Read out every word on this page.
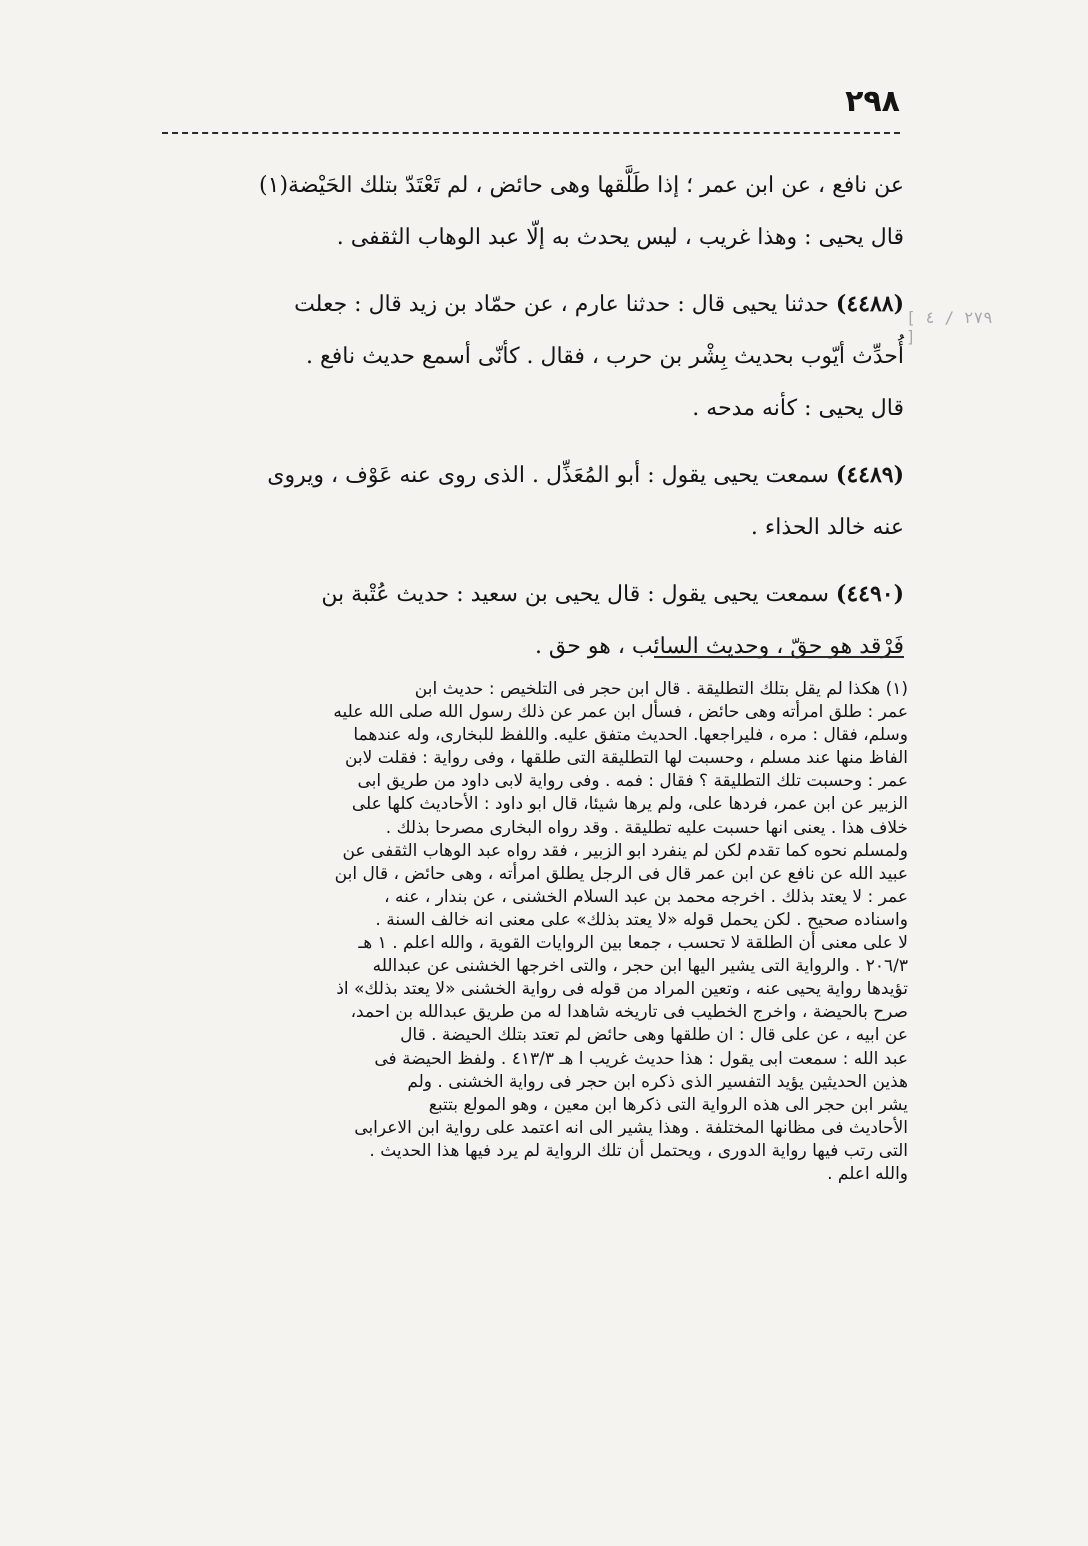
٢٩٨
[ ٢٧٩ / ٤ ]

عن نافع ، عن ابن عمر ؛ إذا طَلَّقها وهى حائض ، لم تَعْتَدّ بتلك الحَيْضة(١)
قال يحيى : وهذا غريب ، ليس يحدث به إلّا عبد الوهاب الثقفى .

(٤٤٨٨) حدثنا يحيى قال : حدثنا عارم ، عن حمّاد بن زيد قال : جعلت
أُحدِّث أيّوب بحديث بِشْر بن حرب ، فقال . كأنّى أسمع حديث نافع .
قال يحيى : كأنه مدحه .

(٤٤٨٩) سمعت يحيى يقول : أبو المُعَذِّل . الذى روى عنه عَوْف ، ويروى
عنه خالد الحذاء .

(٤٤٩٠) سمعت يحيى يقول : قال يحيى بن سعيد : حديث عُتْبة بن
فَرْقد هو حقّ ، وحديث السائب ، هو حق .

(١) هكذا لم يقل بتلك التطليقة . قال ابن حجر فى التلخيص : حديث ابن
عمر : طلق امرأته وهى حائض ، فسأل ابن عمر عن ذلك رسول الله صلى الله عليه
وسلم، فقال : مره ، فليراجعها. الحديث متفق عليه. واللفظ للبخارى، وله عندهما
الفاظ منها عند مسلم ، وحسبت لها التطليقة التى طلقها ، وفى رواية : فقلت لابن
عمر : وحسبت تلك التطليقة ؟ فقال : فمه . وفى رواية لابى داود من طريق ابى
الزبير عن ابن عمر، فردها على، ولم يرها شيئا، قال ابو داود : الأحاديث كلها على
خلاف هذا . يعنى انها حسبت عليه تطليقة . وقد رواه البخارى مصرحا بذلك .
ولمسلم نحوه كما تقدم لكن لم ينفرد ابو الزبير ، فقد رواه عبد الوهاب الثقفى عن
عبيد الله عن نافع عن ابن عمر قال فى الرجل يطلق امرأته ، وهى حائض ، قال ابن
عمر : لا يعتد بذلك . اخرجه محمد بن عبد السلام الخشنى ، عن بندار ، عنه ،
واسناده صحيح . لكن يحمل قوله «لا يعتد بذلك» على معنى انه خالف السنة .
لا على معنى أن الطلقة لا تحسب ، جمعا بين الروايات القوية ، والله اعلم . ١ هـ
٢٠٦/٣ . والرواية التى يشير اليها ابن حجر ، والتى اخرجها الخشنى عن عبدالله
تؤيدها رواية يحيى عنه ، وتعين المراد من قوله فى رواية الخشنى «لا يعتد بذلك» اذ
صرح بالحيضة ، واخرج الخطيب فى تاريخه شاهدا له من طريق عبدالله بن احمد،
عن ابيه ، عن على قال : ان طلقها وهى حائض لم تعتد بتلك الحيضة . قال
عبد الله : سمعت ابى يقول : هذا حديث غريب ا هـ ٤١٣/٣ . ولفظ الحيضة فى
هذين الحديثين يؤيد التفسير الذى ذكره ابن حجر فى رواية الخشنى . ولم
يشر ابن حجر الى هذه الرواية التى ذكرها ابن معين ، وهو المولع بتتبع
الأحاديث فى مظانها المختلفة . وهذا يشير الى انه اعتمد على رواية ابن الاعرابى
التى رتب فيها رواية الدورى ، ويحتمل أن تلك الرواية لم يرد فيها هذا الحديث .
والله اعلم .
